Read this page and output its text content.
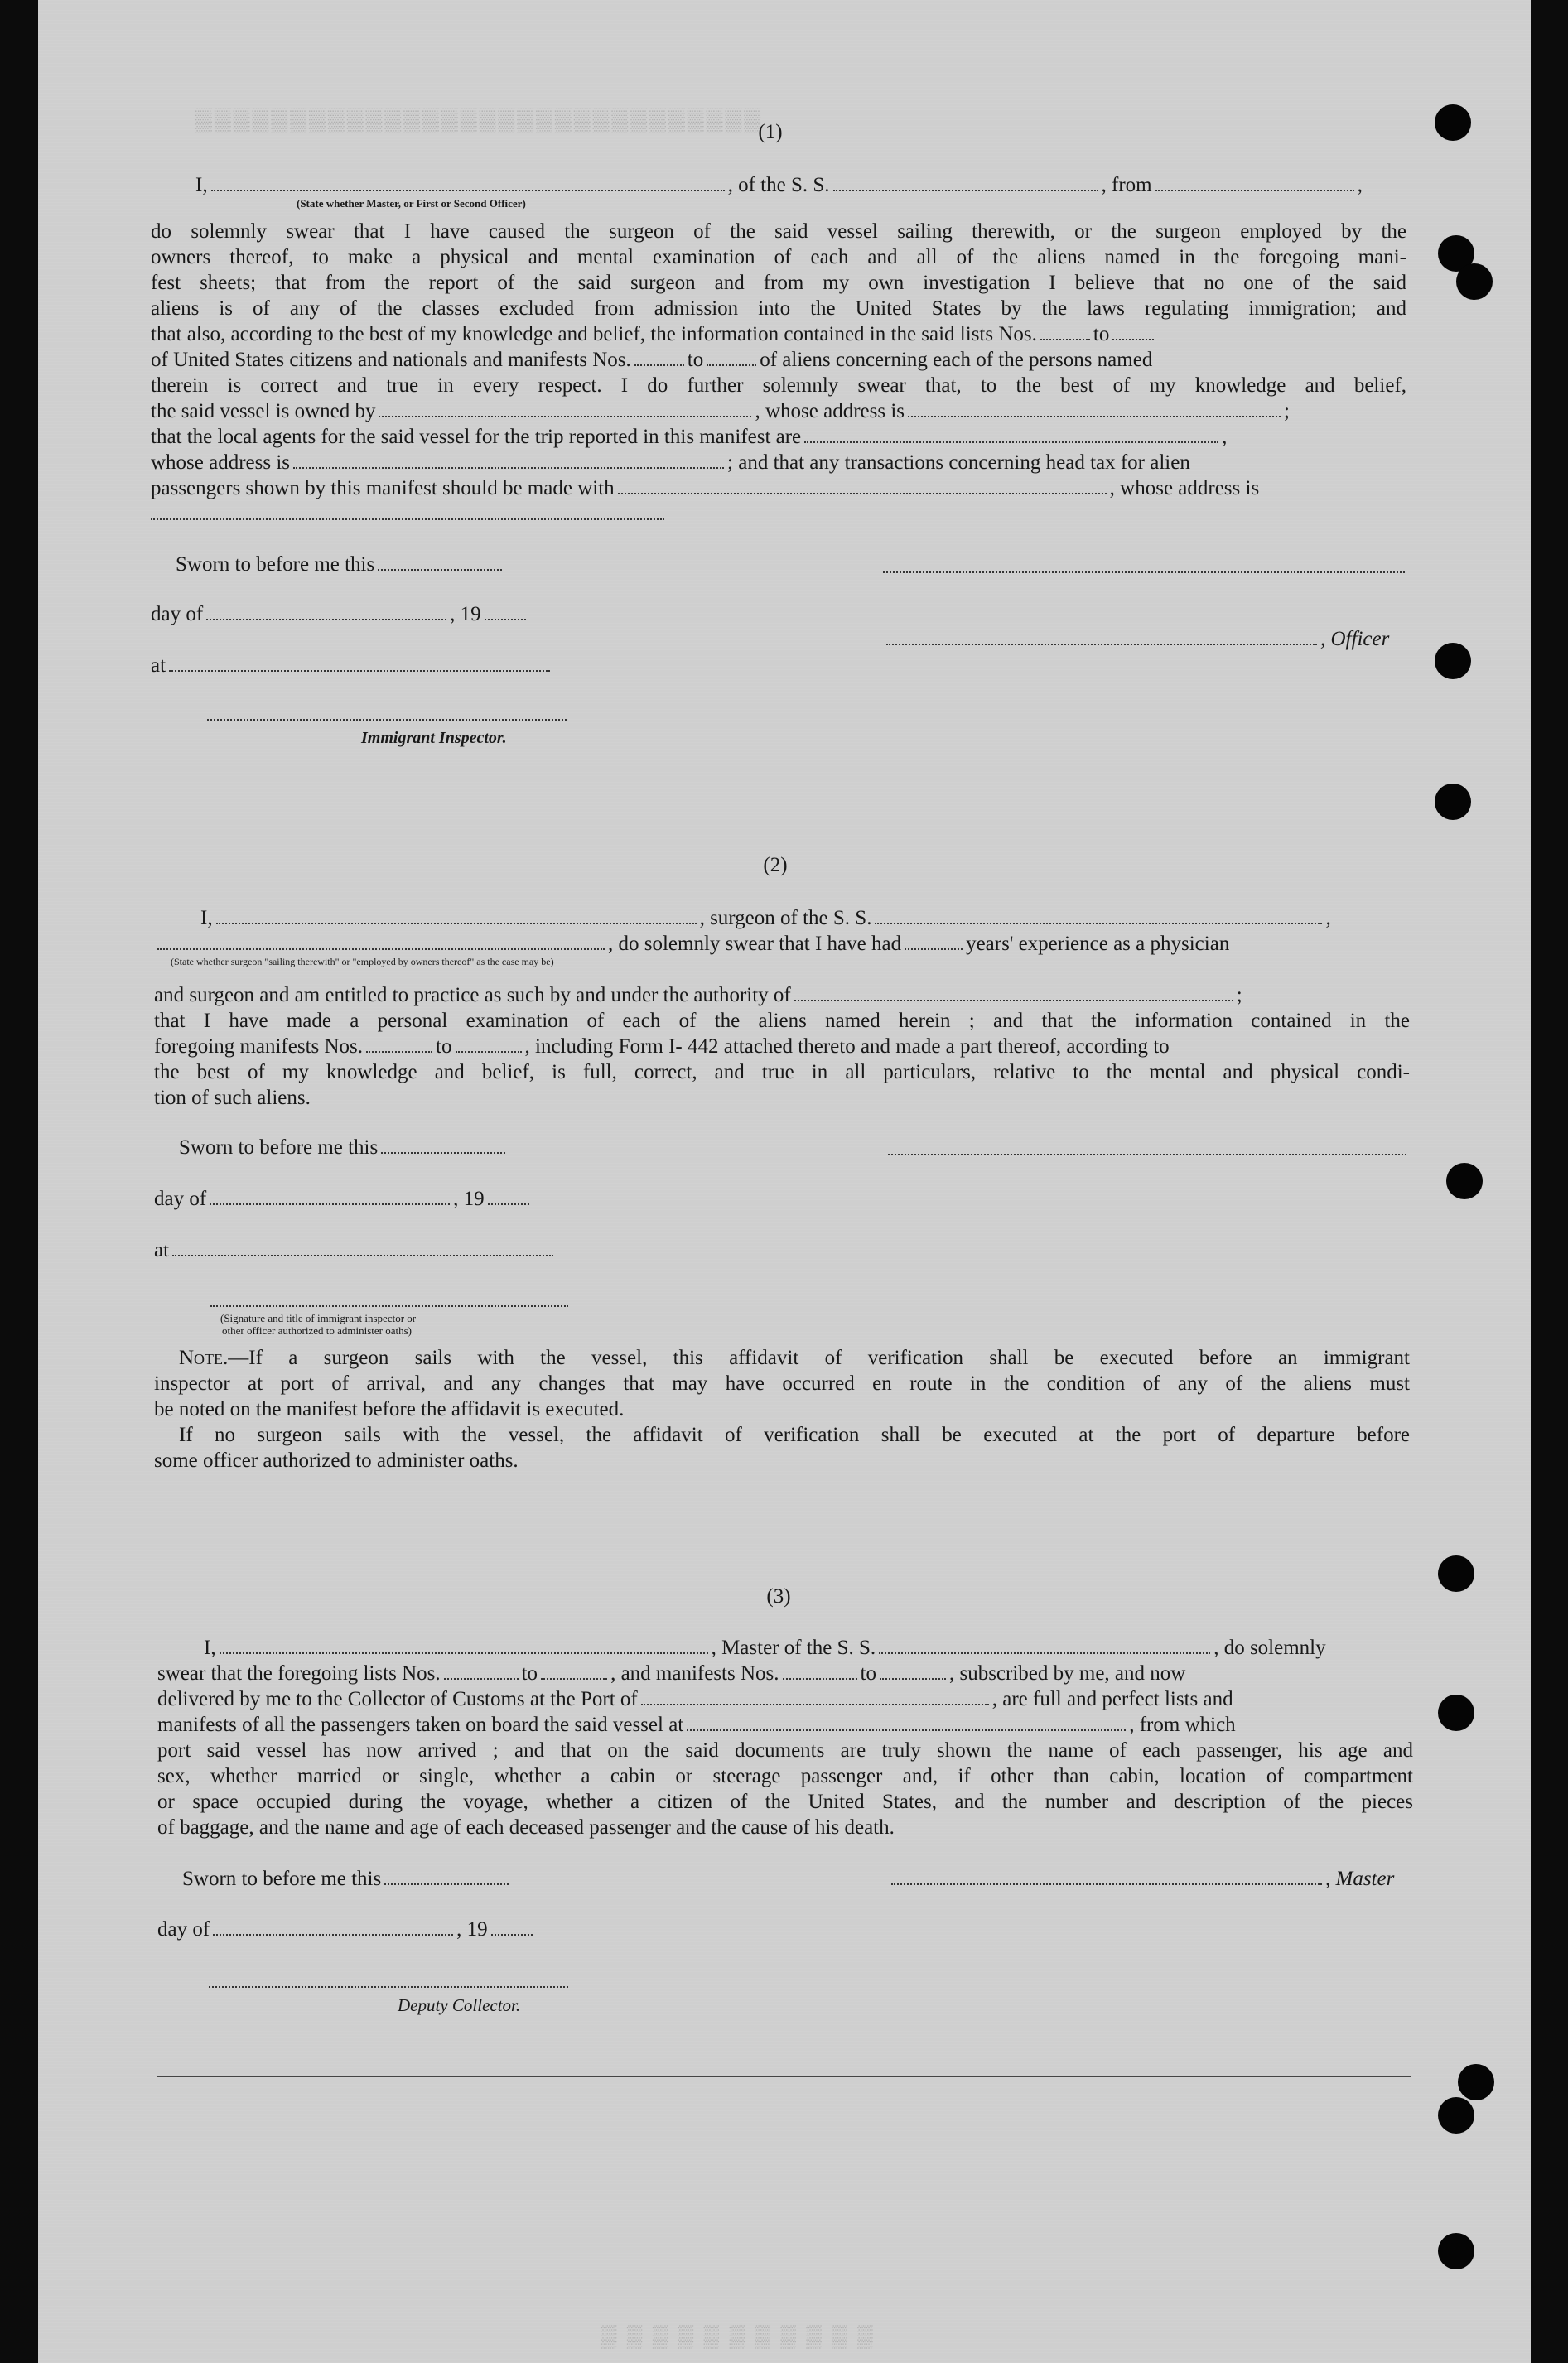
▒▒▒▒▒▒▒▒▒▒▒▒▒▒▒▒▒▒▒▒▒▒▒▒▒▒▒▒▒▒
(1)
I,	, of the S. S.	, from	,
(State whether Master, or First or Second Officer)
do solemnly swear that I have caused the surgeon of the said vessel sailing therewith, or the surgeon employed by the
owners thereof, to make a physical and mental examination of each and all of the aliens named in the foregoing mani-
fest sheets; that from the report of the said surgeon and from my own investigation I believe that no one of the said
aliens is of any of the classes excluded from admission into the United States by the laws regulating immigration; and
that also, according to the best of my knowledge and belief, the information contained in the said lists Nos.	to
of United States citizens and nationals and manifests Nos.	to	of aliens concerning each of the persons named
therein is correct and true in every respect. I do further solemnly swear that, to the best of my knowledge and belief,
the said vessel is owned by	, whose address is	;
that the local agents for the said vessel for the trip reported in this manifest are	,
whose address is	; and that any transactions concerning head tax for alien
passengers shown by this manifest should be made with	, whose address is
Sworn to before me this
day of	, 19
, Officer
at
Immigrant Inspector.
(2)
I,	, surgeon of the S. S.	,
, do solemnly swear that I have had	years' experience as a physician
(State whether surgeon "sailing therewith" or "employed by owners thereof" as the case may be)
and surgeon and am entitled to practice as such by and under the authority of	;
that I have made a personal examination of each of the aliens named herein ; and that the information contained in the
foregoing manifests Nos.	to	, including Form I- 442 attached thereto and made a part thereof, according to
the best of my knowledge and belief, is full, correct, and true in all particulars, relative to the mental and physical condi-
tion of such aliens.
Sworn to before me this
day of	, 19
at
(Signature and title of immigrant inspector or
other officer authorized to administer oaths)
Note.—If a surgeon sails with the vessel, this affidavit of verification shall be executed before an immigrant
inspector at port of arrival, and any changes that may have occurred en route in the condition of any of the aliens must
be noted on the manifest before the affidavit is executed.
If no surgeon sails with the vessel, the affidavit of verification shall be executed at the port of departure before
some officer authorized to administer oaths.
(3)
I,	, Master of the S. S.	, do solemnly
swear that the foregoing lists Nos.	to	, and manifests Nos.	to	, subscribed by me, and now
delivered by me to the Collector of Customs at the Port of	, are full and perfect lists and
manifests of all the passengers taken on board the said vessel at	, from which
port said vessel has now arrived ; and that on the said documents are truly shown the name of each passenger, his age and
sex, whether married or single, whether a cabin or steerage passenger and, if other than cabin, location of compartment
or space occupied during the voyage, whether a citizen of the United States, and the number and description of the pieces
of baggage, and the name and age of each deceased passenger and the cause of his death.
Sworn to before me this	, Master
day of	, 19
Deputy Collector.
▒ ▒ ▒ ▒ ▒ ▒ ▒ ▒ ▒ ▒ ▒
